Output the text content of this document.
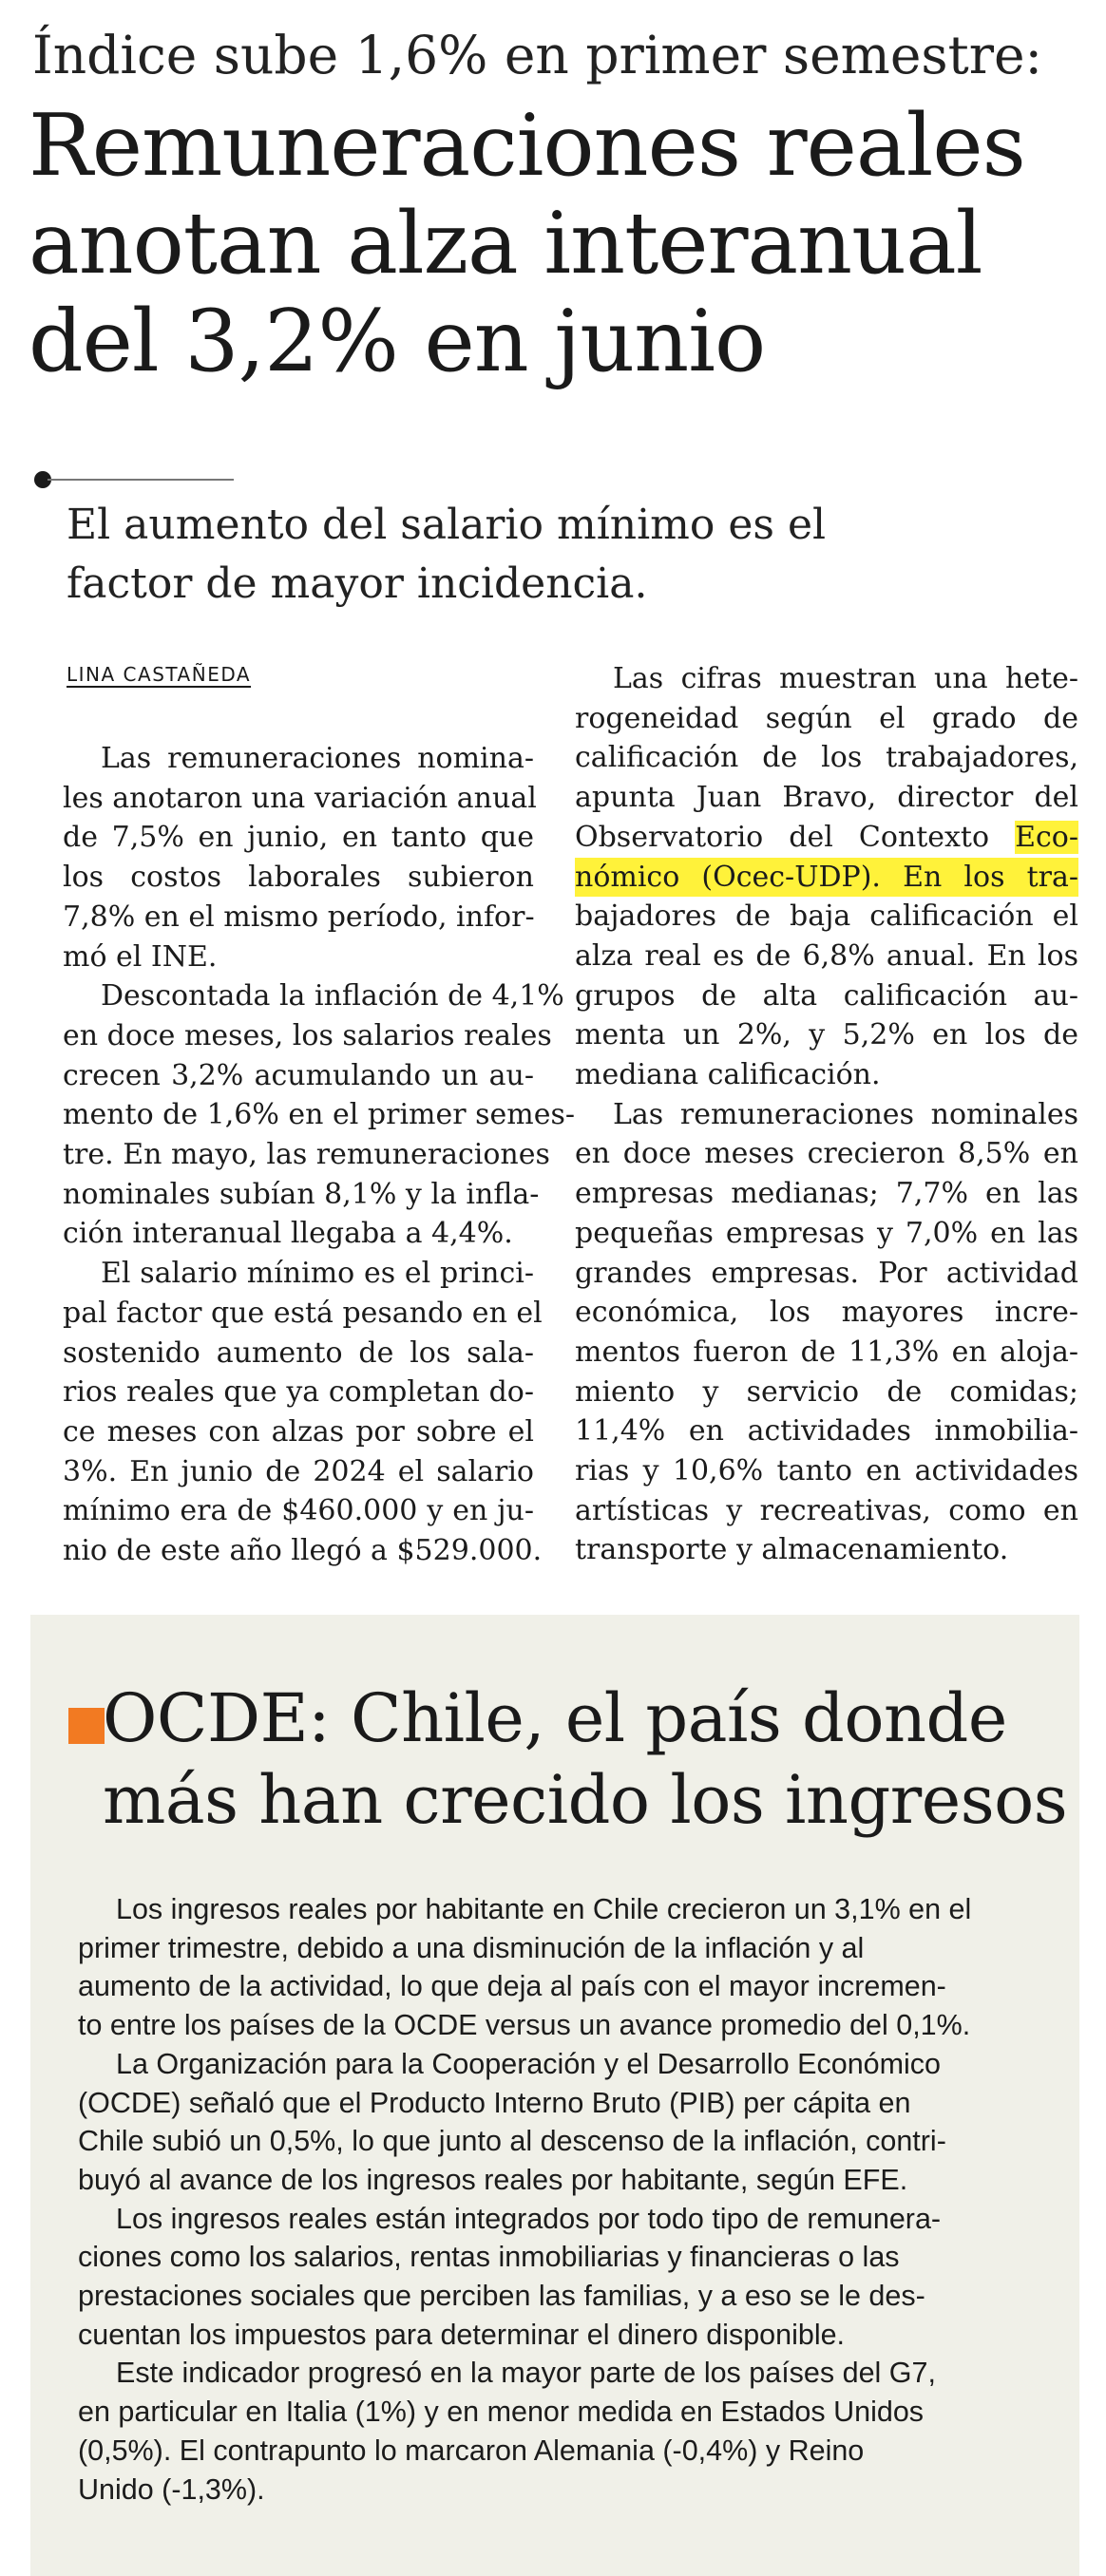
Índice sube 1,6% en primer semestre:
Remuneraciones reales
anotan alza interanual
del 3,2% en junio
El aumento del salario mínimo es el
factor de mayor incidencia.
LINA CASTAÑEDA
Las remuneraciones nomina-
les anotaron una variación anual
de 7,5% en junio, en tanto que
los costos laborales subieron
7,8% en el mismo período, infor-
mó el INE.
Descontada la inflación de 4,1%
en doce meses, los salarios reales
crecen 3,2% acumulando un au-
mento de 1,6% en el primer semes-
tre. En mayo, las remuneraciones
nominales subían 8,1% y la infla-
ción interanual llegaba a 4,4%.
El salario mínimo es el princi-
pal factor que está pesando en el
sostenido aumento de los sala-
rios reales que ya completan do-
ce meses con alzas por sobre el
3%. En junio de 2024 el salario
mínimo era de $460.000 y en ju-
nio de este año llegó a $529.000.
Las cifras muestran una hete-
rogeneidad según el grado de
calificación de los trabajadores,
apunta Juan Bravo, director del
Observatorio del Contexto Eco-
nómico (Ocec-UDP). En los tra-
bajadores de baja calificación el
alza real es de 6,8% anual. En los
grupos de alta calificación au-
menta un 2%, y 5,2% en los de
mediana calificación.
Las remuneraciones nominales
en doce meses crecieron 8,5% en
empresas medianas; 7,7% en las
pequeñas empresas y 7,0% en las
grandes empresas. Por actividad
económica, los mayores incre-
mentos fueron de 11,3% en aloja-
miento y servicio de comidas;
11,4% en actividades inmobilia-
rias y 10,6% tanto en actividades
artísticas y recreativas, como en
transporte y almacenamiento.
OCDE: Chile, el país donde
más han crecido los ingresos
Los ingresos reales por habitante en Chile crecieron un 3,1% en el
primer trimestre, debido a una disminución de la inflación y al
aumento de la actividad, lo que deja al país con el mayor incremen-
to entre los países de la OCDE versus un avance promedio del 0,1%.
La Organización para la Cooperación y el Desarrollo Económico
(OCDE) señaló que el Producto Interno Bruto (PIB) per cápita en
Chile subió un 0,5%, lo que junto al descenso de la inflación, contri-
buyó al avance de los ingresos reales por habitante, según EFE.
Los ingresos reales están integrados por todo tipo de remunera-
ciones como los salarios, rentas inmobiliarias y financieras o las
prestaciones sociales que perciben las familias, y a eso se le des-
cuentan los impuestos para determinar el dinero disponible.
Este indicador progresó en la mayor parte de los países del G7,
en particular en Italia (1%) y en menor medida en Estados Unidos
(0,5%). El contrapunto lo marcaron Alemania (-0,4%) y Reino
Unido (-1,3%).
